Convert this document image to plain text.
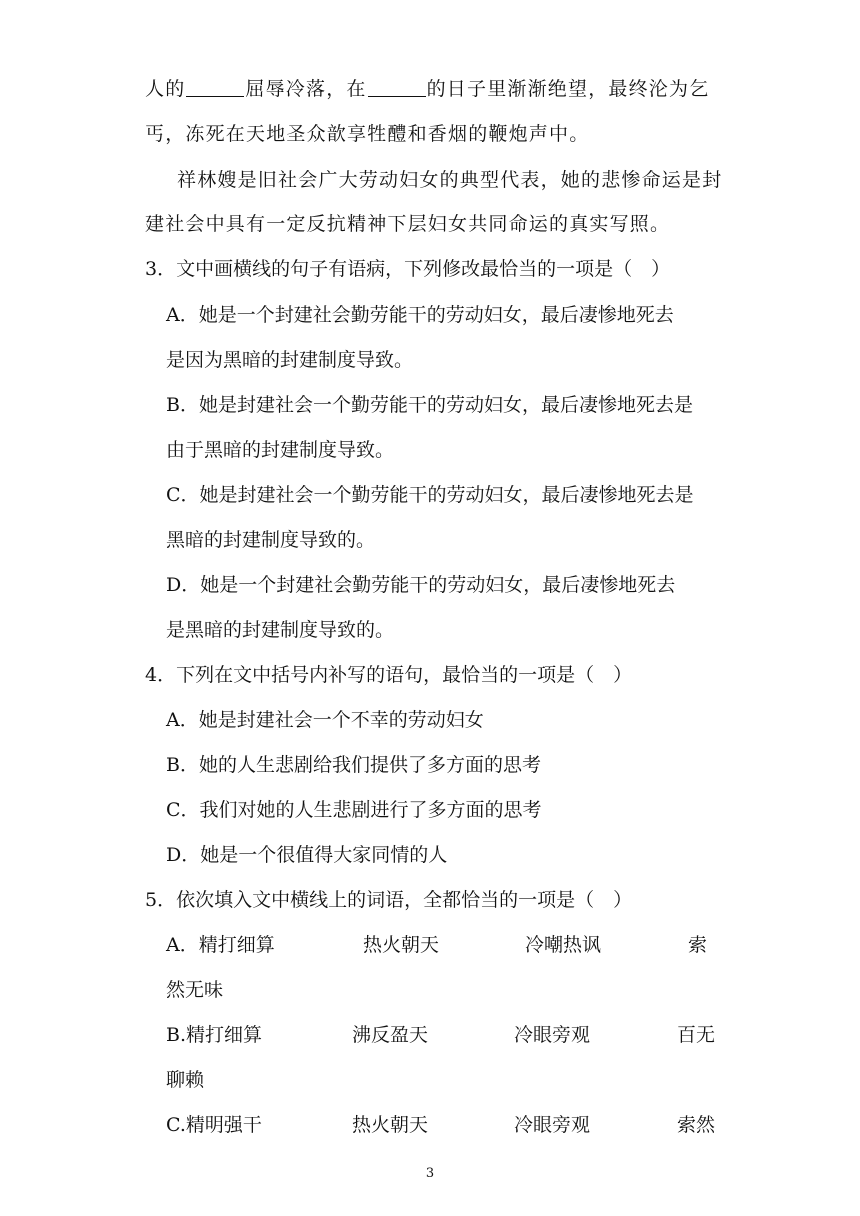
人的	屈辱冷落，在	的日子里渐渐绝望，最终沦为乞
丐，冻死在天地圣众歆享牲醴和香烟的鞭炮声中。
祥林嫂是旧社会广大劳动妇女的典型代表，她的悲惨命运是封
建社会中具有一定反抗精神下层妇女共同命运的真实写照。
3．文中画横线的句子有语病，下列修改最恰当的一项是（　）
A．她是一个封建社会勤劳能干的劳动妇女，最后凄惨地死去
是因为黑暗的封建制度导致。
B．她是封建社会一个勤劳能干的劳动妇女，最后凄惨地死去是
由于黑暗的封建制度导致。
C．她是封建社会一个勤劳能干的劳动妇女，最后凄惨地死去是
黑暗的封建制度导致的。
D．她是一个封建社会勤劳能干的劳动妇女，最后凄惨地死去
是黑暗的封建制度导致的。
4．下列在文中括号内补写的语句，最恰当的一项是（　）
A．她是封建社会一个不幸的劳动妇女
B．她的人生悲剧给我们提供了多方面的思考
C．我们对她的人生悲剧进行了多方面的思考
D．她是一个很值得大家同情的人
5．依次填入文中横线上的词语，全都恰当的一项是（　）
A．精打细算	热火朝天	冷嘲热讽	索
然无味
B.精打细算	沸反盈天	冷眼旁观	百无
聊赖
C.精明强干	热火朝天	冷眼旁观	索然
3
